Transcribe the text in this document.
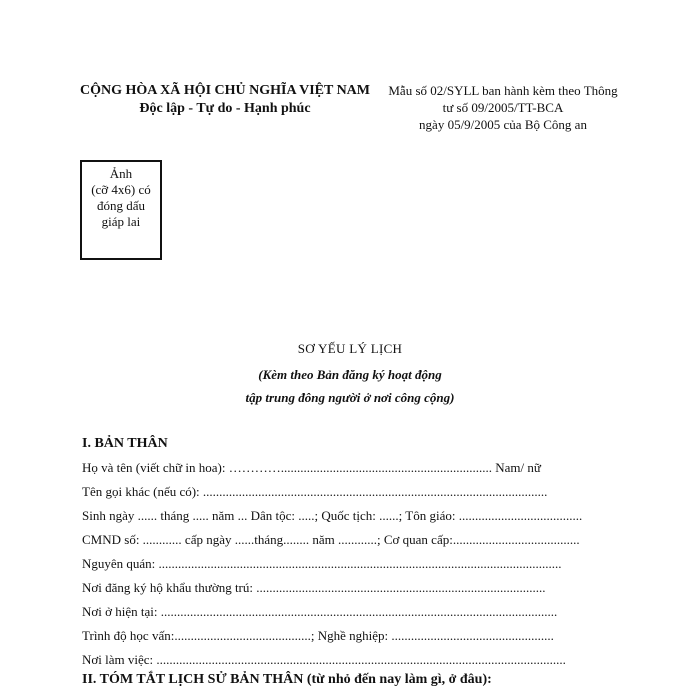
CỘNG HÒA XÃ HỘI CHỦ NGHĨA VIỆT NAM
Độc lập - Tự do - Hạnh phúc
Mẫu số 02/SYLL ban hành kèm theo Thông
tư số 09/2005/TT-BCA
ngày 05/9/2005 của Bộ Công an
Ảnh
(cỡ 4x6) có
đóng dấu
giáp lai
SƠ YẾU LÝ LỊCH
(Kèm theo Bản đăng ký hoạt động
tập trung đông người ở nơi công cộng)
I. BẢN THÂN
Họ và tên (viết chữ in hoa): …………................................................................. Nam/ nữ
Tên gọi khác (nếu có): ..........................................................................................................
Sinh ngày ...... tháng ..... năm ... Dân tộc: .....; Quốc tịch: ......; Tôn giáo: ......................................
CMND số: ............ cấp ngày ......tháng........ năm ............; Cơ quan cấp:.......................................
Nguyên quán: ............................................................................................................................
Nơi đăng ký hộ khẩu thường trú: .........................................................................................
Nơi ở hiện tại: ..........................................................................................................................
Trình độ học vấn:..........................................; Nghề nghiệp: ..................................................
Nơi làm việc: ..............................................................................................................................
II. TÓM TẮT LỊCH SỬ BẢN THÂN (từ nhỏ đến nay làm gì, ở đâu):
